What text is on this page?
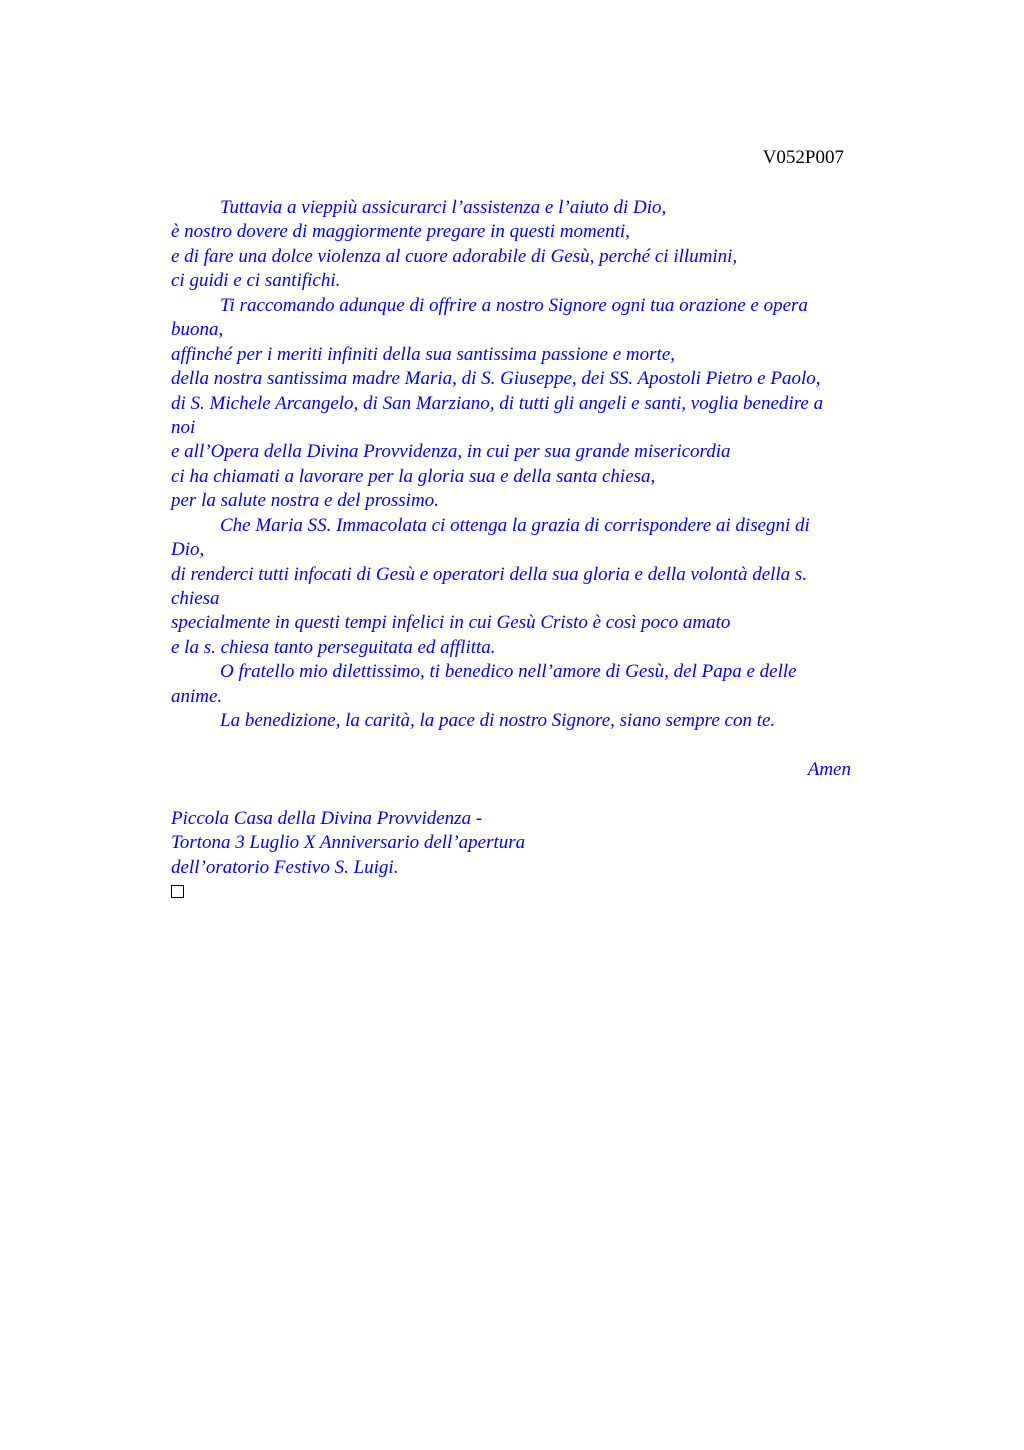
V052P007
Tuttavia a vieppiù assicurarci l’assistenza e l’aiuto di Dio,
è nostro dovere di maggiormente pregare in questi momenti,
e di fare una dolce violenza al cuore adorabile di Gesù, perché ci illumini,
ci guidi e ci santifichi.
Ti raccomando adunque di offrire a nostro Signore ogni tua orazione e opera
buona,
affinché per i meriti infiniti della sua santissima passione e morte,
della nostra santissima madre Maria, di S. Giuseppe, dei SS. Apostoli Pietro e Paolo,
di S. Michele Arcangelo, di San Marziano, di tutti gli angeli e santi, voglia benedire a
noi
e all’Opera della Divina Provvidenza, in cui per sua grande misericordia
ci ha chiamati a lavorare per la gloria sua e della santa chiesa,
per la salute nostra e del prossimo.
Che Maria SS. Immacolata ci ottenga la grazia di corrispondere ai disegni di
Dio,
di renderci tutti infocati di Gesù e operatori della sua gloria e della volontà della s.
chiesa
specialmente in questi tempi infelici in cui Gesù Cristo è così poco amato
e la s. chiesa tanto perseguitata ed afflitta.
O fratello mio dilettissimo, ti benedico nell’amore di Gesù, del Papa e delle
anime.
La benedizione, la carità, la pace di nostro Signore, siano sempre con te.
Amen
Piccola Casa della Divina Provvidenza -
Tortona 3 Luglio X Anniversario dell’apertura
dell’oratorio Festivo S. Luigi.
